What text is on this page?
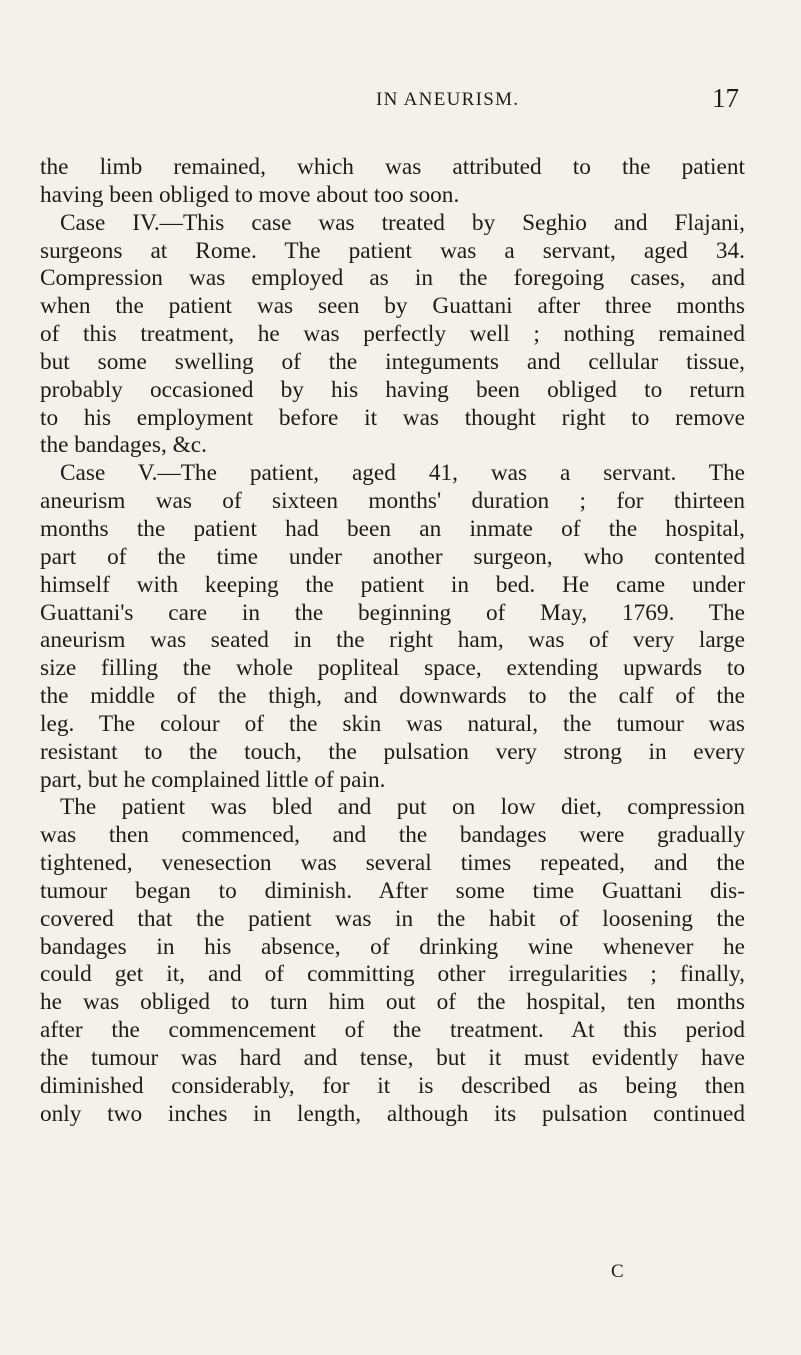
IN ANEURISM.	17
the limb remained, which was attributed to the patient
having been obliged to move about too soon.
Case IV.—This case was treated by Seghio and Flajani,
surgeons at Rome. The patient was a servant, aged 34.
Compression was employed as in the foregoing cases, and
when the patient was seen by Guattani after three months
of this treatment, he was perfectly well ; nothing remained
but some swelling of the integuments and cellular tissue,
probably occasioned by his having been obliged to return
to his employment before it was thought right to remove
the bandages, &c.
Case V.—The patient, aged 41, was a servant. The
aneurism was of sixteen months' duration ; for thirteen
months the patient had been an inmate of the hospital,
part of the time under another surgeon, who contented
himself with keeping the patient in bed. He came under
Guattani's care in the beginning of May, 1769. The
aneurism was seated in the right ham, was of very large
size filling the whole popliteal space, extending upwards to
the middle of the thigh, and downwards to the calf of the
leg. The colour of the skin was natural, the tumour was
resistant to the touch, the pulsation very strong in every
part, but he complained little of pain.
The patient was bled and put on low diet, compression
was then commenced, and the bandages were gradually
tightened, venesection was several times repeated, and the
tumour began to diminish. After some time Guattani dis-
covered that the patient was in the habit of loosening the
bandages in his absence, of drinking wine whenever he
could get it, and of committing other irregularities ; finally,
he was obliged to turn him out of the hospital, ten months
after the commencement of the treatment. At this period
the tumour was hard and tense, but it must evidently have
diminished considerably, for it is described as being then
only two inches in length, although its pulsation continued
C
